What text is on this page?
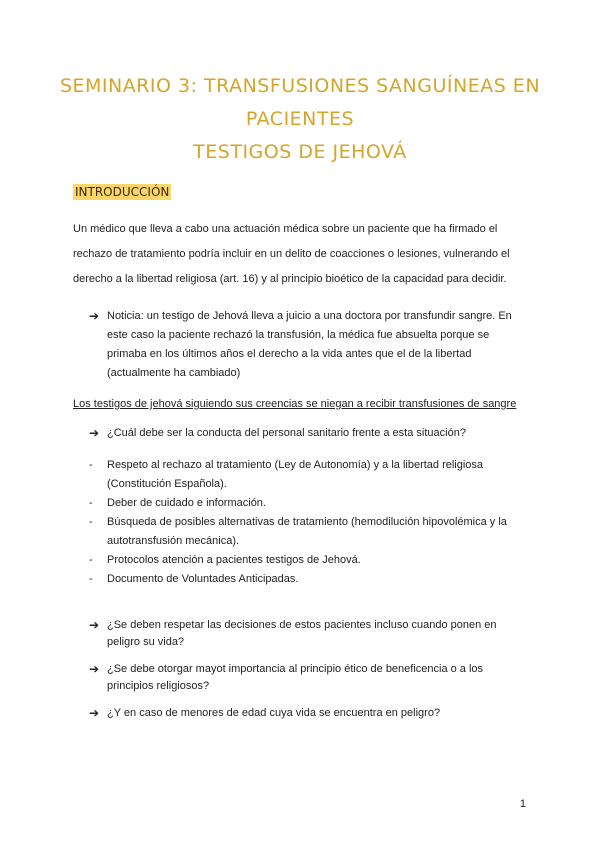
SEMINARIO 3: TRANSFUSIONES SANGUÍNEAS EN PACIENTES
TESTIGOS DE JEHOVÁ
INTRODUCCIÓN

Un médico que lleva a cabo una actuación médica sobre un paciente que ha firmado el rechazo de tratamiento podría incluir en un delito de coacciones o lesiones, vulnerando el derecho a la libertad religiosa (art. 16) y al principio bioético de la capacidad para decidir.

➔ Noticia: un testigo de Jehová lleva a juicio a una doctora por transfundir sangre. En este caso la paciente rechazó la transfusión, la médica fue absuelta porque se primaba en los últimos años el derecho a la vida antes que el de la libertad (actualmente ha cambiado)

Los testigos de jehová siguiendo sus creencias se niegan a recibir transfusiones de sangre

➔ ¿Cuál debe ser la conducta del personal sanitario frente a esta situación?
-	Respeto al rechazo al tratamiento (Ley de Autonomía) y a la libertad religiosa (Constitución Española).
-	Deber de cuidado e información.
-	Búsqueda de posibles alternativas de tratamiento (hemodilución hipovolémica y la autotransfusión mecánica).
-	Protocolos atención a pacientes testigos de Jehová.
-	Documento de Voluntades Anticipadas.
➔ ¿Se deben respetar las decisiones de estos pacientes incluso cuando ponen en peligro su vida?
➔ ¿Se debe otorgar mayot importancia al principio ético de beneficencia o a los principios religiosos?
➔ ¿Y en caso de menores de edad cuya vida se encuentra en peligro?
1
